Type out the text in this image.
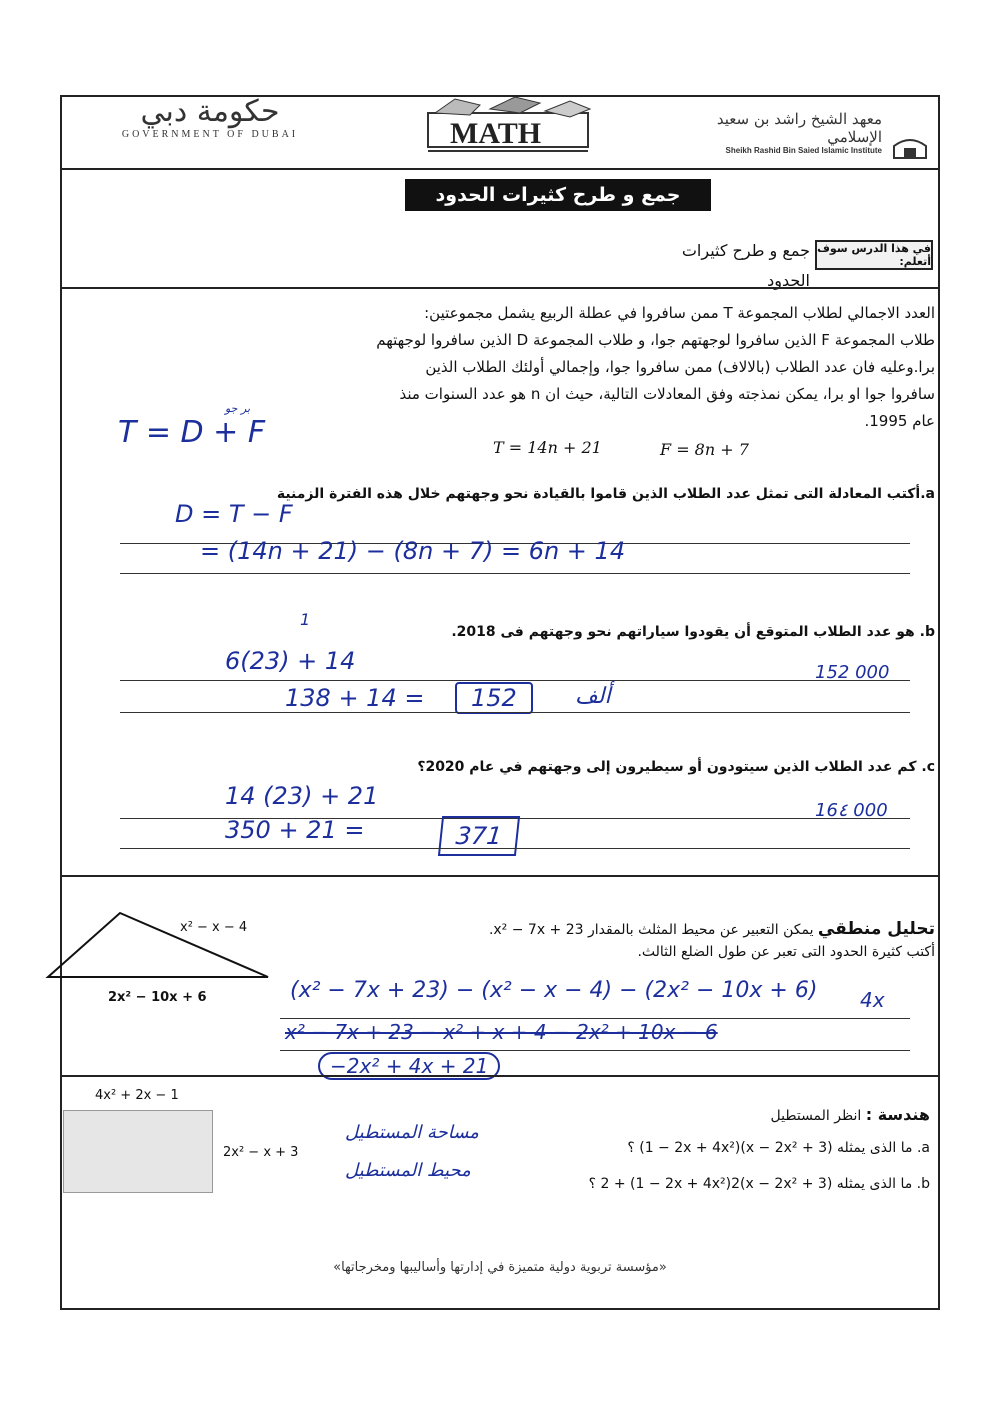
حكومة دبي
GOVERNMENT OF DUBAI	MATH	معهد الشيخ راشد بن سعيد الإسلامي
Sheikh Rashid Bin Saied Islamic Institute
جمع و طرح كثيرات الحدود
في هذا الدرس سوف أتعلم:
جمع و طرح كثيرات
الحدود
العدد الاجمالي لطلاب المجموعة T ممن سافروا في عطلة الربيع يشمل مجموعتين:
طلاب المجموعة F الذين سافروا لوجهتهم جوا، و طلاب المجموعة D الذين سافروا لوجهتهم
برا.وعليه فان عدد الطلاب (بالالاف) ممن سافروا جوا، وإجمالي أولئك الطلاب الذين
سافروا جوا او برا، يمكن نمذجته وفق المعادلات التالية، حيث ان n هو عدد السنوات منذ
عام 1995.
T = 14n + 21	F = 8n + 7
T = D + F
بر جو
a.أكتب المعادلة التى تمثل عدد الطلاب الذين قاموا بالقيادة نحو وجهتهم خلال هذه الفترة الزمنية
D = T − F
= (14n + 21) − (8n + 7) = 6n + 14
b. هو عدد الطلاب المتوقع أن يقودوا سياراتهم نحو وجهتهم فى 2018.
1
6(23) + 14	152 000
138 + 14 =	152	ألف
c. كم عدد الطلاب الذين سيتودون أو سيطيرون إلى وجهتهم في عام 2020؟
14 (23) + 21
16٤ 000
350 + 21 =	371
x² − x − 4
2x² − 10x + 6
تحليل منطقي يمكن التعبير عن محيط المثلث بالمقدار x² − 7x + 23.
أكتب كثيرة الحدود التى تعبر عن طول الضلع الثالث.
(x² − 7x + 23) − (x² − x − 4) − (2x² − 10x + 6) 4x
x² − 7x + 23 − x² + x + 4 − 2x² + 10x − 6
−2x² + 4x + 21
4x² + 2x − 1
2x² − x + 3
هندسة : انظر المستطيل
a. ما الذى يمثله (3 + x − 2x²)(1 − 2x + 4x²) ؟
b. ما الذى يمثله (3 + x − 2x²)2 + (1 − 2x + 4x²)2 ؟
مساحة المستطيل
محيط المستطيل
«مؤسسة تربوية دولية متميزة في إدارتها وأساليبها ومخرجاتها»
